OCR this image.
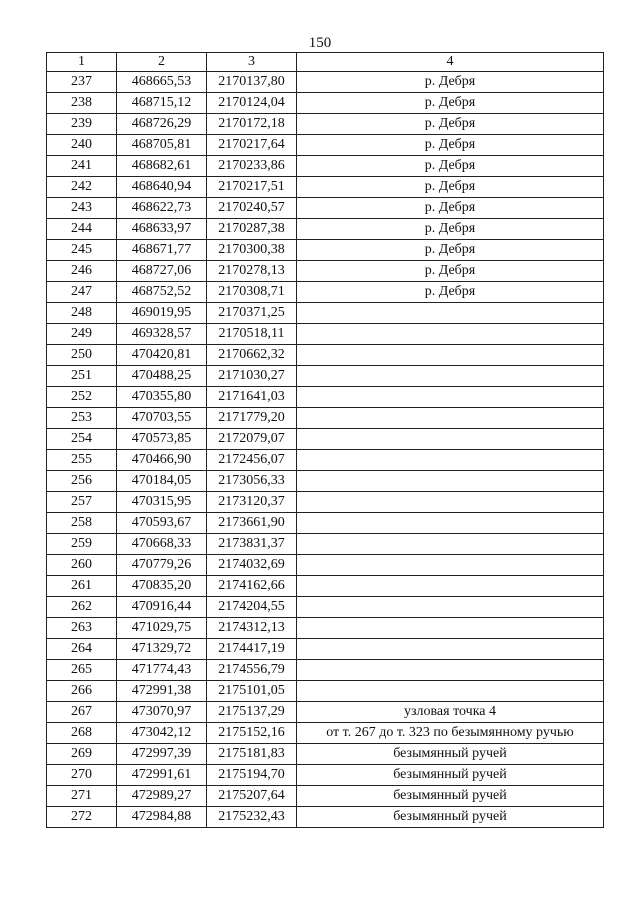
150
1	2	3	4
237	468665,53	2170137,80	р. Дебря
238	468715,12	2170124,04	р. Дебря
239	468726,29	2170172,18	р. Дебря
240	468705,81	2170217,64	р. Дебря
241	468682,61	2170233,86	р. Дебря
242	468640,94	2170217,51	р. Дебря
243	468622,73	2170240,57	р. Дебря
244	468633,97	2170287,38	р. Дебря
245	468671,77	2170300,38	р. Дебря
246	468727,06	2170278,13	р. Дебря
247	468752,52	2170308,71	р. Дебря
248	469019,95	2170371,25	
249	469328,57	2170518,11	
250	470420,81	2170662,32	
251	470488,25	2171030,27	
252	470355,80	2171641,03	
253	470703,55	2171779,20	
254	470573,85	2172079,07	
255	470466,90	2172456,07	
256	470184,05	2173056,33	
257	470315,95	2173120,37	
258	470593,67	2173661,90	
259	470668,33	2173831,37	
260	470779,26	2174032,69	
261	470835,20	2174162,66	
262	470916,44	2174204,55	
263	471029,75	2174312,13	
264	471329,72	2174417,19	
265	471774,43	2174556,79	
266	472991,38	2175101,05	
267	473070,97	2175137,29	узловая точка 4
268	473042,12	2175152,16	от т. 267 до т. 323 по безымянному ручью
269	472997,39	2175181,83	безымянный ручей
270	472991,61	2175194,70	безымянный ручей
271	472989,27	2175207,64	безымянный ручей
272	472984,88	2175232,43	безымянный ручей
